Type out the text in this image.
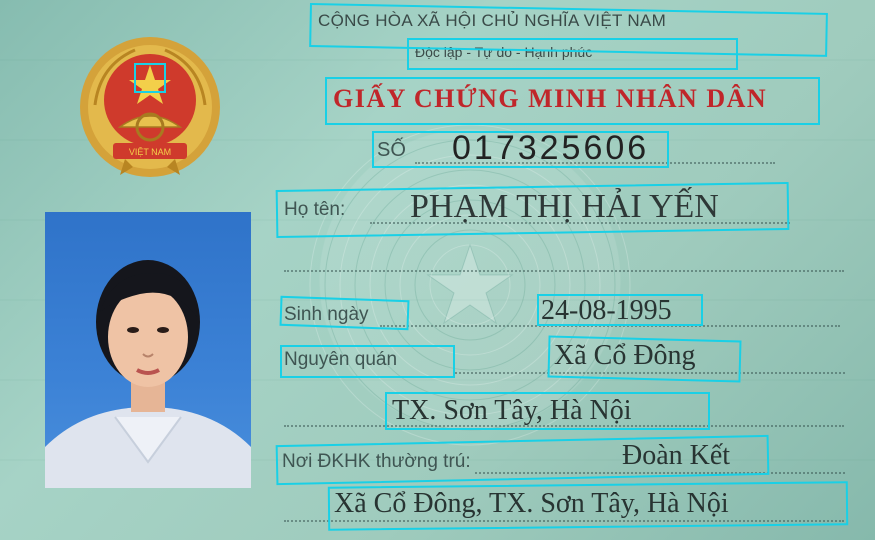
VIỆT NAM
CỘNG HÒA XÃ HỘI CHỦ NGHĨA VIỆT NAM
Độc lập - Tự do - Hạnh phúc
GIẤY CHỨNG MINH NHÂN DÂN
SỐ 017325606
Họ tên: PHẠM THỊ HẢI YẾN
Sinh ngày	24-08-1995
Nguyên quán	Xã Cổ Đông
TX. Sơn Tây, Hà Nội
Nơi ĐKHK thường trú:	Đoàn Kết
Xã Cổ Đông, TX. Sơn Tây, Hà Nội
